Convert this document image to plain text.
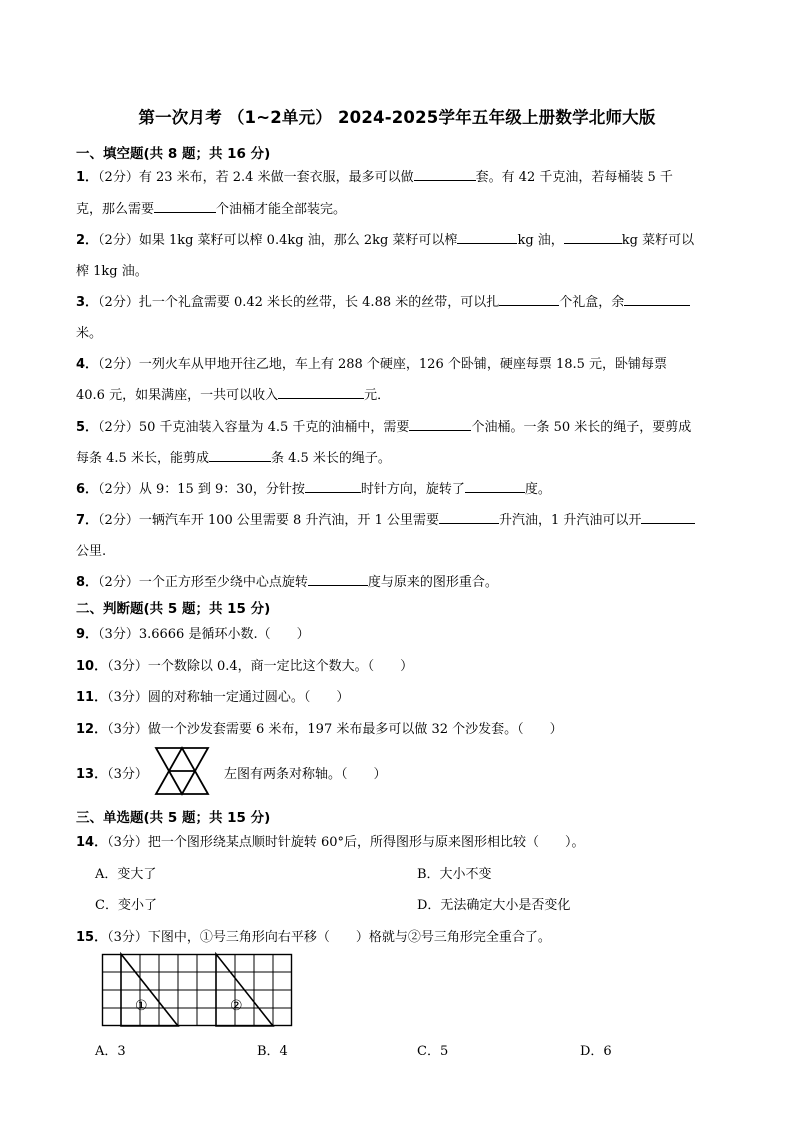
第一次月考 （1~2单元） 2024-2025学年五年级上册数学北师大版
一、填空题(共 8 题；共 16 分)
1．（2分）有 23 米布，若 2.4 米做一套衣服，最多可以做	套。有 42 千克油，若每桶装 5 千
克，那么需要	个油桶才能全部装完。
2．（2分）如果 1kg 菜籽可以榨 0.4kg 油，那么 2kg 菜籽可以榨	kg 油，	kg 菜籽可以
榨 1kg 油。
3．（2分）扎一个礼盒需要 0.42 米长的丝带，长 4.88 米的丝带，可以扎	个礼盒，余
米。
4．（2分）一列火车从甲地开往乙地，车上有 288 个硬座，126 个卧铺，硬座每票 18.5 元，卧铺每票
40.6 元，如果满座，一共可以收入	元．
5．（2分）50 千克油装入容量为 4.5 千克的油桶中，需要	个油桶。一条 50 米长的绳子，要剪成
每条 4.5 米长，能剪成	条 4.5 米长的绳子。
6．（2分）从 9：15 到 9：30，分针按	时针方向，旋转了	度。
7．（2分）一辆汽车开 100 公里需要 8 升汽油，开 1 公里需要	升汽油，1 升汽油可以开
公里.
8．（2分）一个正方形至少绕中心点旋转	度与原来的图形重合。
二、判断题(共 5 题；共 15 分)
9．（3分）3.6666 是循环小数.（　　）
10．（3分）一个数除以 0.4，商一定比这个数大。（　　）
11．（3分）圆的对称轴一定通过圆心。（　　）
12．（3分）做一个沙发套需要 6 米布，197 米布最多可以做 32 个沙发套。（　　）
13．（3分）	左图有两条对称轴。（　　）
三、单选题(共 5 题；共 15 分)
14．（3分）把一个图形绕某点顺时针旋转 60°后，所得图形与原来图形相比较（　　）。
A．变大了	B．大小不变
C．变小了	D．无法确定大小是否变化
15．（3分）下图中，①号三角形向右平移（　　）格就与②号三角形完全重合了。
①	②
A．3	B．4	C．5	D．6
